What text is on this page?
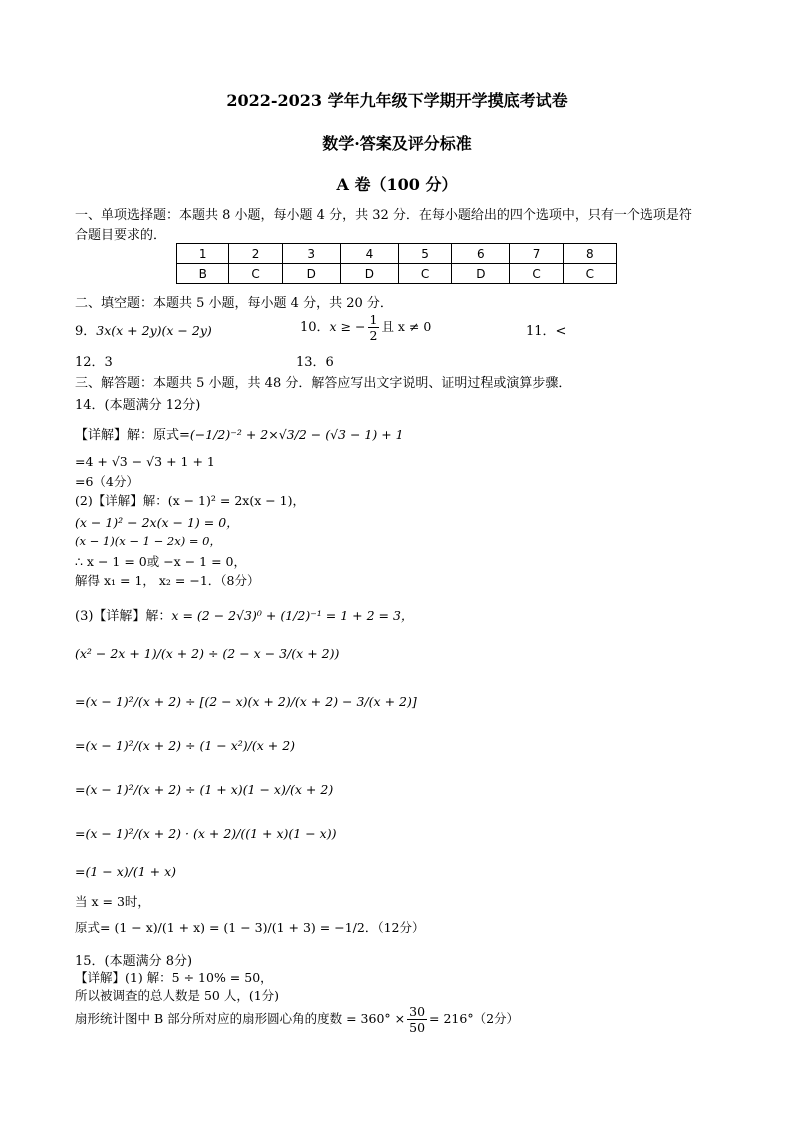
2022-2023 学年九年级下学期开学摸底考试卷
数学·答案及评分标准
A 卷（100 分）
一、单项选择题：本题共 8 小题，每小题 4 分，共 32 分．在每小题给出的四个选项中，只有一个选项是符
合题目要求的．
1	2	3	4	5	6	7	8
B	C	D	D	C	D	C	C
二、填空题：本题共 5 小题，每小题 4 分，共 20 分．
9．3x(x + 2y)(x − 2y)	10．x ≥ − $\frac{1}{2}$ 且 x ≠ 0	11．<
12．3	13．6
三、解答题：本题共 5 小题，共 48 分．解答应写出文字说明、证明过程或演算步骤．
14．(本题满分 12分)
【详解】解：原式=(−1/2)⁻² + 2×√3/2 − (√3 − 1) + 1
=4 + √3 − √3 + 1 + 1
=6（4分）
(2)【详解】解：(x − 1)² = 2x(x − 1)，
(x − 1)² − 2x(x − 1) = 0，
(x − 1)(x − 1 − 2x) = 0，
∴ x − 1 = 0或 −x − 1 = 0，
解得 x₁ = 1， x₂ = −1．（8分）
(3)【详解】解：x = (2 − 2√3)⁰ + (1/2)⁻¹ = 1 + 2 = 3，
(x² − 2x + 1)/(x + 2) ÷ (2 − x − 3/(x + 2))
=(x − 1)²/(x + 2) ÷ [(2 − x)(x + 2)/(x + 2) − 3/(x + 2)]
=(x − 1)²/(x + 2) ÷ (1 − x²)/(x + 2)
=(x − 1)²/(x + 2) ÷ (1 + x)(1 − x)/(x + 2)
=(x − 1)²/(x + 2) · (x + 2)/((1 + x)(1 − x))
=(1 − x)/(1 + x)
当 x = 3时，
原式= (1 − x)/(1 + x) = (1 − 3)/(1 + 3) = −1/2．（12分）
15．(本题满分 8分)
【详解】(1) 解：5 ÷ 10% = 50，
所以被调查的总人数是 50 人，(1分)
扇形统计图中 B 部分所对应的扇形圆心角的度数 = $360^\circ \times \frac{30}{50} = 216^\circ(2$分）
